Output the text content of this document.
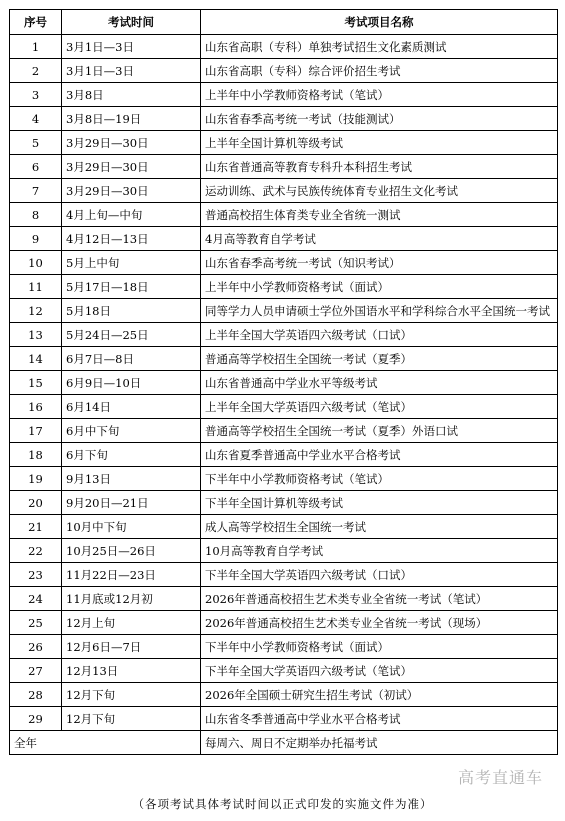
序号	考试时间	考试项目名称
1	3月1日—3日	山东省高职（专科）单独考试招生文化素质测试
2	3月1日—3日	山东省高职（专科）综合评价招生考试
3	3月8日	上半年中小学教师资格考试（笔试）
4	3月8日—19日	山东省春季高考统一考试（技能测试）
5	3月29日—30日	上半年全国计算机等级考试
6	3月29日—30日	山东省普通高等教育专科升本科招生考试
7	3月29日—30日	运动训练、武术与民族传统体育专业招生文化考试
8	4月上旬—中旬	普通高校招生体育类专业全省统一测试
9	4月12日—13日	4月高等教育自学考试
10	5月上中旬	山东省春季高考统一考试（知识考试）
11	5月17日—18日	上半年中小学教师资格考试（面试）
12	5月18日	同等学力人员申请硕士学位外国语水平和学科综合水平全国统一考试
13	5月24日—25日	上半年全国大学英语四六级考试（口试）
14	6月7日—8日	普通高等学校招生全国统一考试（夏季）
15	6月9日—10日	山东省普通高中学业水平等级考试
16	6月14日	上半年全国大学英语四六级考试（笔试）
17	6月中下旬	普通高等学校招生全国统一考试（夏季）外语口试
18	6月下旬	山东省夏季普通高中学业水平合格考试
19	9月13日	下半年中小学教师资格考试（笔试）
20	9月20日—21日	下半年全国计算机等级考试
21	10月中下旬	成人高等学校招生全国统一考试
22	10月25日—26日	10月高等教育自学考试
23	11月22日—23日	下半年全国大学英语四六级考试（口试）
24	11月底或12月初	2026年普通高校招生艺术类专业全省统一考试（笔试）
25	12月上旬	2026年普通高校招生艺术类专业全省统一考试（现场）
26	12月6日—7日	下半年中小学教师资格考试（面试）
27	12月13日	下半年全国大学英语四六级考试（笔试）
28	12月下旬	2026年全国硕士研究生招生考试（初试）
29	12月下旬	山东省冬季普通高中学业水平合格考试
全年		每周六、周日不定期举办托福考试
高考直通车
（各项考试具体考试时间以正式印发的实施文件为准）
